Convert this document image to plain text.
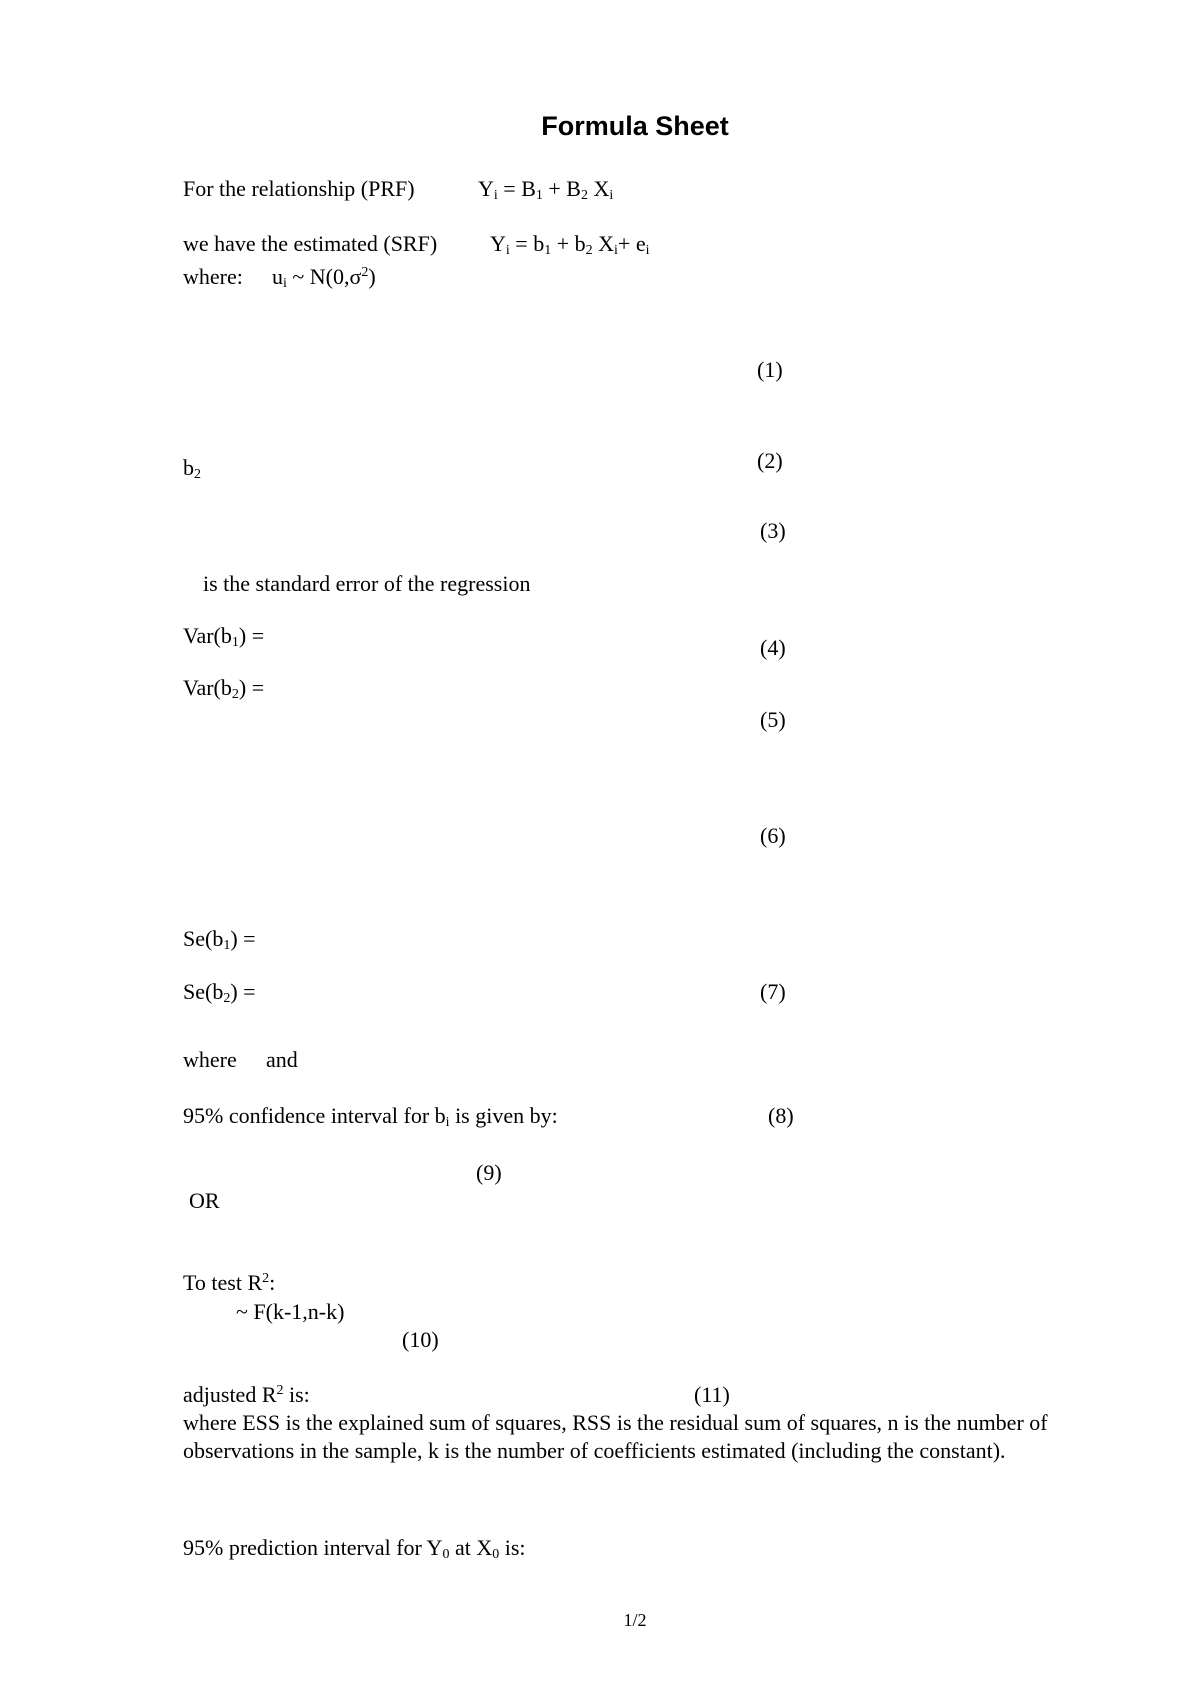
Formula Sheet
For the relationship (PRF)	$Y_i = B_1 + B_2$ $X_i$
we have the estimated (SRF) $Y_i = b_1 + b_2$ $X_i+ e_i$
where: $u_i$ ~ $N(0,\sigma^2)$
(1)
$b_2$
(2)
(3)
is the standard error of the regression
$Var(b_1)$ =	(4)
$Var(b_2)$ =
(5)
(6)
$Se(b_1)$ =
$Se(b_2)$ =	(7)
where and
95% confidence interval for $b_i$ is given by:	(8)
(9)
OR
To test $R^2$:
~ F(k-1,n-k)
(10)
adjusted $R^2$ is:	(11)
where ESS is the explained sum of squares, RSS is the residual sum of squares, n is the number of observations in the sample, k is the number of coefficients estimated (including the constant).
95% prediction interval for $Y_0$ at $X_0$ is:
1/2
